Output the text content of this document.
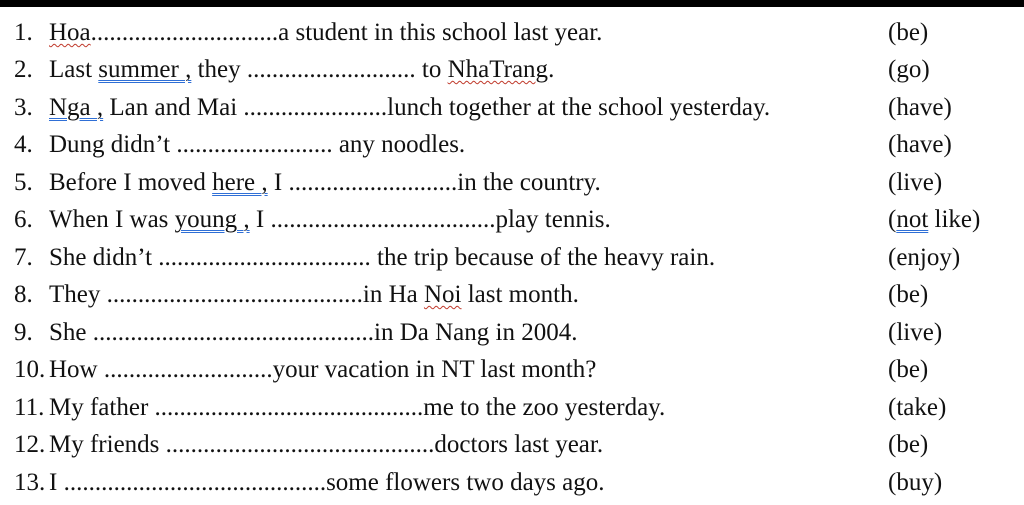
1. Hoa..............................a student in this school last year.	(be)
2. Last summer , they ........................... to NhaTrang.	(go)
3. Nga , Lan and Mai .......................lunch together at the school yesterday.	(have)
4. Dung didn’t ......................... any noodles.	(have)
5. Before I moved here , I ...........................in the country.	(live)
6. When I was young , I ....................................play tennis.	(not like)
7. She didn’t .................................. the trip because of the heavy rain.	(enjoy)
8. They .........................................in Ha Noi last month.	(be)
9. She .............................................in Da Nang in 2004.	(live)
10. How ...........................your vacation in NT last month?	(be)
11. My father ...........................................me to the zoo yesterday.	(take)
12. My friends ...........................................doctors last year.	(be)
13. I ..........................................some flowers two days ago.	(buy)
